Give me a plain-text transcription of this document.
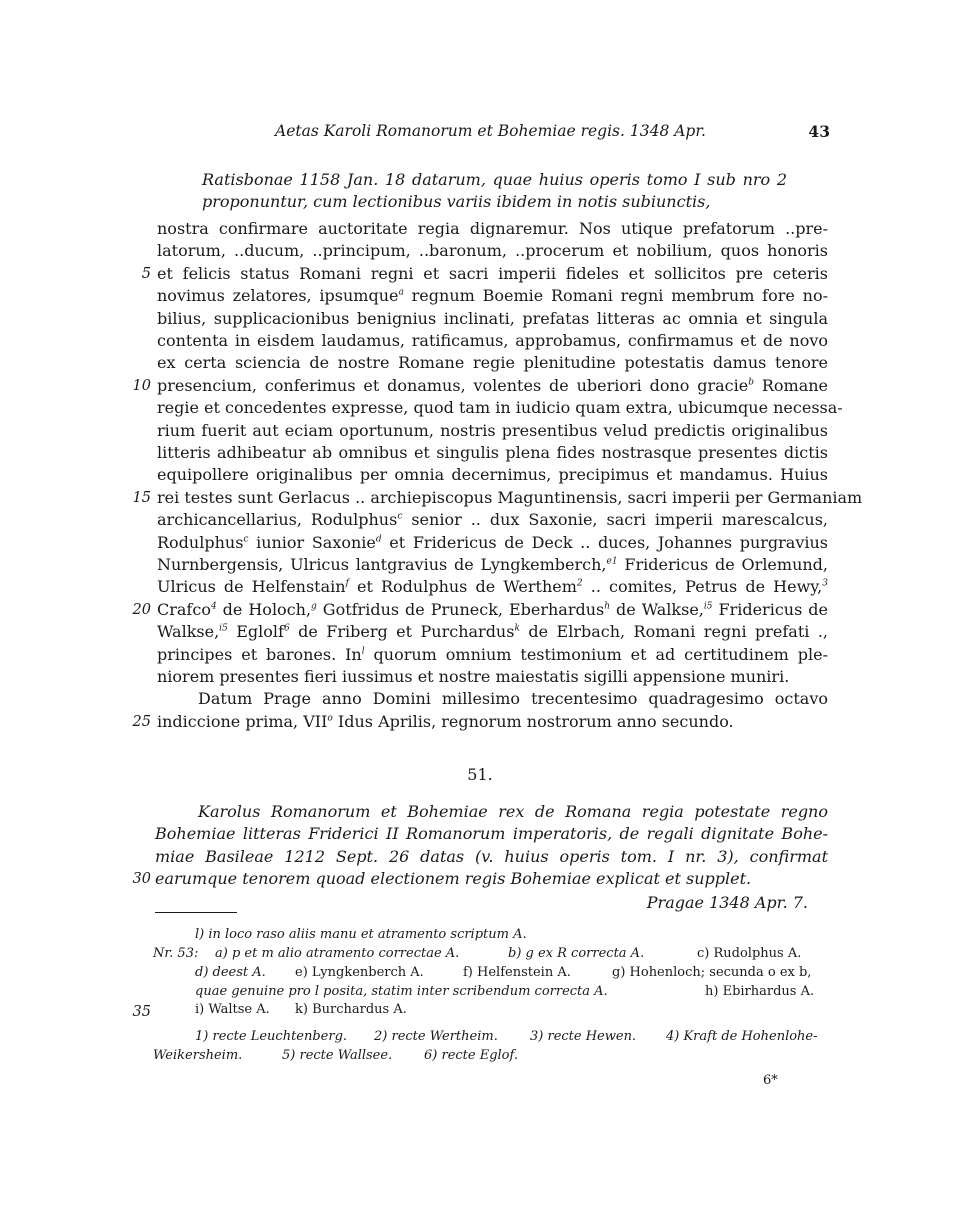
Aetas Karoli Romanorum et Bohemiae regis. 1348 Apr.	43
Ratisbonae 1158 Jan. 18 datarum, quae huius operis tomo I sub nro 2
proponuntur, cum lectionibus variis ibidem in notis subiunctis,
nostra confirmare auctoritate regia dignaremur. Nos utique prefatorum ..pre-
latorum, ..ducum, ..principum, ..baronum, ..procerum et nobilium, quos honoris
et felicis status Romani regni et sacri imperii fideles et sollicitos pre ceteris
novimus zelatores, ipsumque$^a$ regnum Boemie Romani regni membrum fore no-
bilius, supplicacionibus benignius inclinati, prefatas litteras ac omnia et singula
contenta in eisdem laudamus, ratificamus, approbamus, confirmamus et de novo
ex certa sciencia de nostre Romane regie plenitudine potestatis damus tenore
presencium, conferimus et donamus, volentes de uberiori dono gracie$^b$ Romane
regie et concedentes expresse, quod tam in iudicio quam extra, ubicumque necessa-
rium fuerit aut eciam oportunum, nostris presentibus velud predictis originalibus
litteris adhibeatur ab omnibus et singulis plena fides nostrasque presentes dictis
equipollere originalibus per omnia decernimus, precipimus et mandamus. Huius
rei testes sunt Gerlacus .. archiepiscopus Maguntinensis, sacri imperii per Germaniam
archicancellarius, Rodulphus$^c$ senior .. dux Saxonie, sacri imperii marescalcus,
Rodulphus$^c$ iunior Saxonie$^d$ et Fridericus de Deck .. duces, Johannes purgravius
Nurnbergensis, Ulricus lantgravius de Lyngkemberch,$^{e1}$ Fridericus de Orlemund,
Ulricus de Helfenstain$^f$ et Rodulphus de Werthem$^2$ .. comites, Petrus de Hewy,$^3$
Crafco$^4$ de Holoch,$^g$ Gotfridus de Pruneck, Eberhardus$^h$ de Walkse,$^{i5}$ Fridericus de
Walkse,$^{i5}$ Eglolf$^6$ de Friberg et Purchardus$^k$ de Elrbach, Romani regni prefati .,
principes et barones. In$^l$ quorum omnium testimonium et ad certitudinem ple-
niorem presentes fieri iussimus et nostre maiestatis sigilli appensione muniri.
Datum Prage anno Domini millesimo trecentesimo quadragesimo octavo
indiccione prima, VII$^o$ Idus Aprilis, regnorum nostrorum anno secundo.
5
10
15
20
25
30
35
51.
Karolus Romanorum et Bohemiae rex de Romana regia potestate regno
Bohemiae litteras Friderici II Romanorum imperatoris, de regali dignitate Bohe-
miae Basileae 1212 Sept. 26 datas (v. huius operis tom. I nr. 3), confirmat
earumque tenorem quoad electionem regis Bohemiae explicat et supplet.
Pragae 1348 Apr. 7.
l) in loco raso aliis manu et atramento scriptum A.
Nr. 53: a) p et m alio atramento correctae A.	b) g ex R correcta A.	c) Rudolphus A.
d) deest A. e) Lyngkenberch A.	f) Helfenstein A.	g) Hohenloch; secunda o ex b,
quae genuine pro l posita, statim inter scribendum correcta A.	h) Ebirhardus A.
i) Waltse A. k) Burchardus A.
1) recte Leuchtenberg. 2) recte Wertheim. 3) recte Hewen. 4) Kraft de Hohenlohe-
Weikersheim.	5) recte Wallsee. 6) recte Eglof.
6*
